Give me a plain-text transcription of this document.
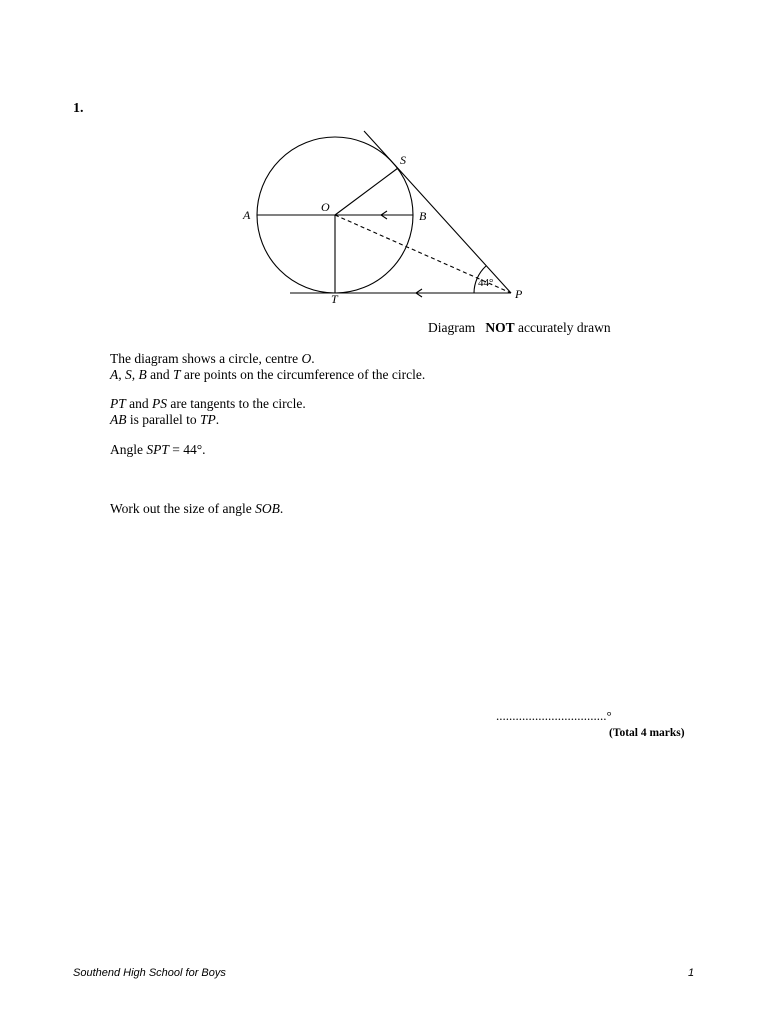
1.
S
O
A	B
T	P
44°
Diagram NOT accurately drawn
The diagram shows a circle, centre O.
A, S, B and T are points on the circumference of the circle.
PT and PS are tangents to the circle.
AB is parallel to TP.
Angle SPT = 44°.
Work out the size of angle SOB.
..................................°
(Total 4 marks)
Southend High School for Boys	1
